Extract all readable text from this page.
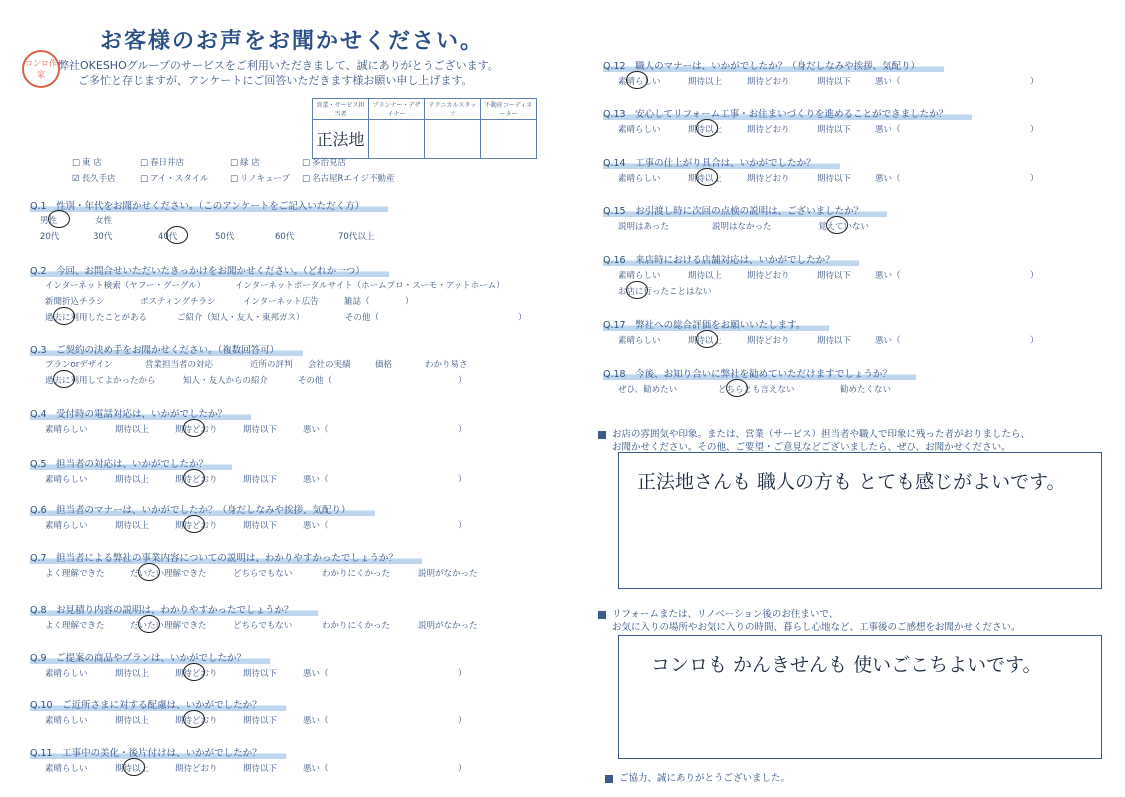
お客様のお声をお聞かせください。
コンロ作家
弊社OKESHOグループのサービスをご利用いただきまして、誠にありがとうございます。
ご多忙と存じますが、アンケートにご回答いただきます様お願い申し上げます。
営業・サービス担当者	プランナー・デザイナー	テクニカルスタッフ	不動産コーディネーター

正法地			

□ 東 店	□ 春日井店	□ 緑 店	□ 多治見店
☑ 長久手店	□ アイ・スタイル	□ リノキューブ	□ 名古屋Rエイジ不動産
Q.1　性別・年代をお聞かせください。（このアンケートをご記入いただく方）
男性	女性
20代	30代	40代	50代	60代	70代以上
Q.2　今回、お問合せいただいたきっかけをお聞かせください。（どれか一つ）
インターネット検索（ヤフー・グーグル）	インターネットポータルサイト（ホームプロ・スーモ・アットホーム）
新聞折込チラシ	ポスティングチラシ	インターネット広告	雑誌（	）
過去に利用したことがある	ご紹介（知人・友人・東邦ガス）	その他（	）
Q.3　ご契約の決め手をお聞かせください。（複数回答可）
プランorデザイン	営業担当者の対応	近所の評判 会社の実績	価格	わかり易さ
過去に利用してよかったから	知人・友人からの紹介	その他（	）
Q.4　受付時の電話対応は、いかがでしたか？
素晴らしい	期待以上	期待どおり	期待以下	悪い（	）
Q.5　担当者の対応は、いかがでしたか？
素晴らしい	期待以上	期待どおり	期待以下	悪い（	）
Q.6　担当者のマナーは、いかがでしたか？（身だしなみや挨拶、気配り）
素晴らしい	期待以上	期待どおり	期待以下	悪い（	）
Q.7　担当者による弊社の事業内容についての説明は、わかりやすかったでしょうか？
よく理解できた	だいたい理解できた	どちらでもない	わかりにくかった	説明がなかった
Q.8　お見積り内容の説明は、わかりやすかったでしょうか？
よく理解できた	だいたい理解できた	どちらでもない	わかりにくかった	説明がなかった
Q.9　ご提案の商品やプランは、いかがでしたか？
素晴らしい	期待以上	期待どおり	期待以下	悪い（	）
Q.10　ご近所さまに対する配慮は、いかがでしたか？
素晴らしい	期待以上	期待どおり	期待以下	悪い（	）
Q.11　工事中の美化・後片付けは、いかがでしたか？
素晴らしい	期待以上	期待どおり	期待以下	悪い（	）
Q.12　職人のマナーは、いかがでしたか？（身だしなみや挨拶、気配り）
素晴らしい	期待以上	期待どおり	期待以下	悪い（	）
Q.13　安心してリフォーム工事・お住まいづくりを進めることができましたか？
素晴らしい	期待以上	期待どおり	期待以下	悪い（	）
Q.14　工事の仕上がり具合は、いかがでしたか？
素晴らしい	期待以上	期待どおり	期待以下	悪い（	）
Q.15　お引渡し時に次回の点検の説明は、ございましたか？
説明はあった	説明はなかった	覚えていない
Q.16　来店時における店舗対応は、いかがでしたか？
素晴らしい	期待以上	期待どおり	期待以下	悪い（	）
お店に行ったことはない
Q.17　弊社への総合評価をお願いいたします。
素晴らしい	期待以上	期待どおり	期待以下	悪い（	）
Q.18　今後、お知り合いに弊社を勧めていただけますでしょうか？
ぜひ、勧めたい	どちらとも言えない	勧めたくない
お店の雰囲気や印象。または、営業（サービス）担当者や職人で印象に残った者がおりましたら、
お聞かせください。その他、ご要望・ご意見などございましたら、ぜひ、お聞かせください。
正法地さんも 職人の方も とても感じがよいです。
リフォームまたは、リノベーション後のお住まいで、
お気に入りの場所やお気に入りの時間、暮らし心地など、工事後のご感想をお聞かせください。
コンロも かんきせんも 使いごこちよいです。
ご協力、誠にありがとうございました。
